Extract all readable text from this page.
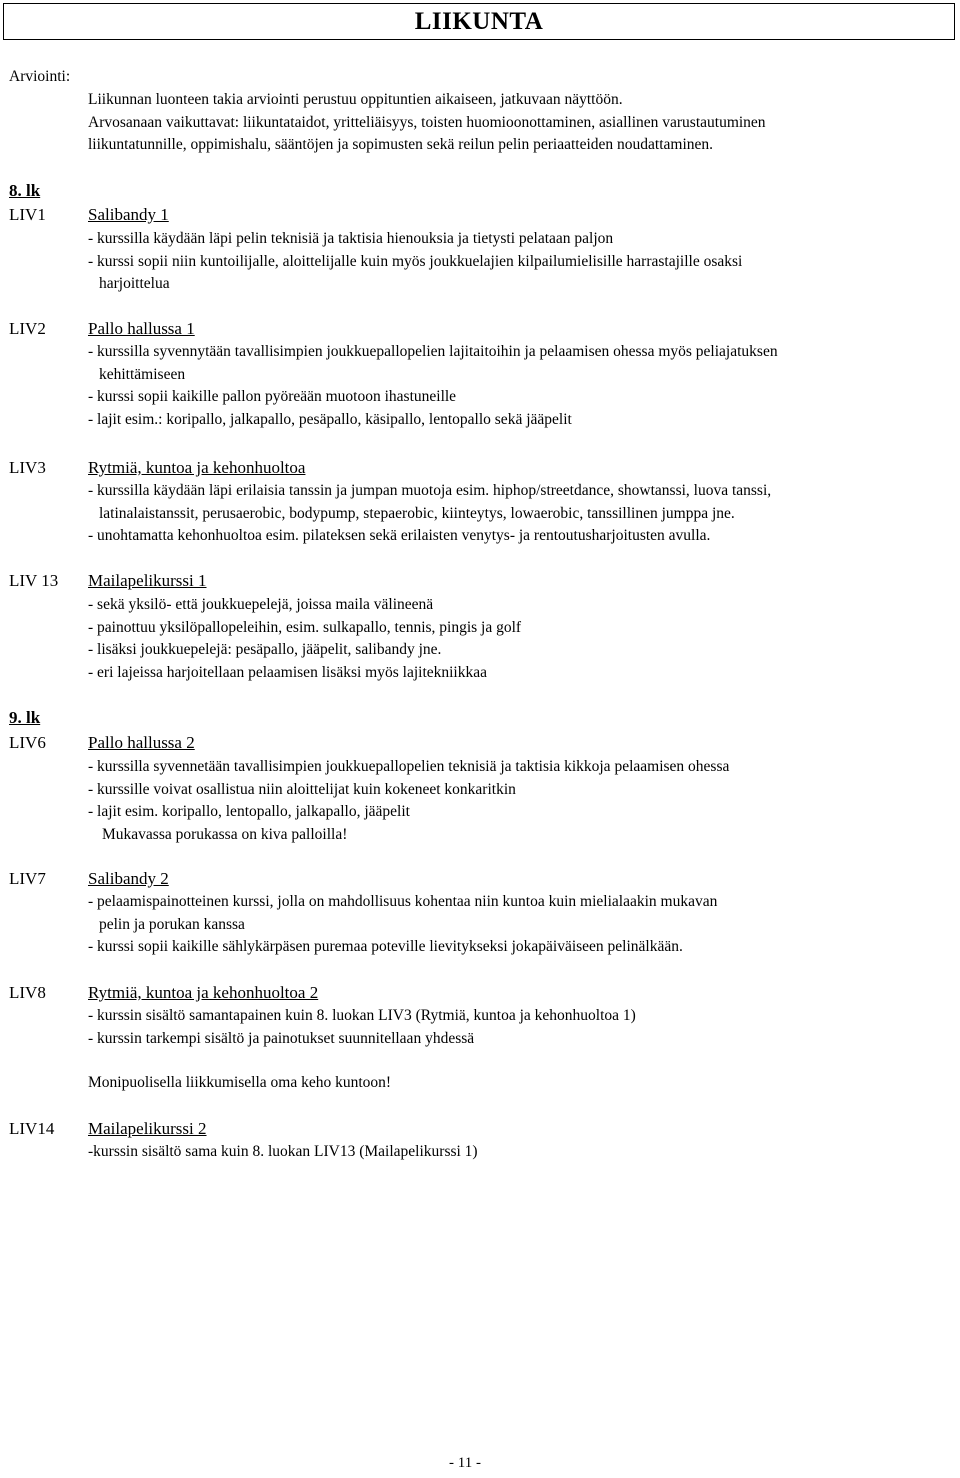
LIIKUNTA
Arviointi:
Liikunnan luonteen takia arviointi perustuu oppituntien aikaiseen, jatkuvaan näyttöön.
Arvosanaan vaikuttavat: liikuntataidot, yritteliäisyys, toisten huomioonottaminen, asiallinen varustautuminen
liikuntatunnille, oppimishalu, sääntöjen ja sopimusten sekä reilun pelin periaatteiden noudattaminen.
8. lk
LIV1 Salibandy 1
- kurssilla käydään läpi pelin teknisiä ja taktisia hienouksia ja tietysti pelataan paljon
- kurssi sopii niin kuntoilijalle, aloittelijalle kuin myös joukkuelajien kilpailumielisille harrastajille osaksi
harjoittelua
LIV2 Pallo hallussa 1
- kurssilla syvennytään tavallisimpien joukkuepallopelien lajitaitoihin ja pelaamisen ohessa myös peliajatuksen
kehittämiseen
- kurssi sopii kaikille pallon pyöreään muotoon ihastuneille
- lajit esim.: koripallo, jalkapallo, pesäpallo, käsipallo, lentopallo sekä jääpelit
LIV3 Rytmiä, kuntoa ja kehonhuoltoa
- kurssilla käydään läpi erilaisia tanssin ja jumpan muotoja esim. hiphop/streetdance, showtanssi, luova tanssi,
latinalaistanssit, perusaerobic, bodypump, stepaerobic, kiinteytys, lowaerobic, tanssillinen jumppa jne.
- unohtamatta kehonhuoltoa esim. pilateksen sekä erilaisten venytys- ja rentoutusharjoitusten avulla.
LIV 13 Mailapelikurssi 1
- sekä yksilö- että joukkuepelejä, joissa maila välineenä
- painottuu yksilöpallopeleihin, esim. sulkapallo, tennis, pingis ja golf
- lisäksi joukkuepelejä: pesäpallo, jääpelit, salibandy jne.
- eri lajeissa harjoitellaan pelaamisen lisäksi myös lajitekniikkaa
9. lk
LIV6 Pallo hallussa 2
- kurssilla syvennetään tavallisimpien joukkuepallopelien teknisiä ja taktisia kikkoja pelaamisen ohessa
- kurssille voivat osallistua niin aloittelijat kuin kokeneet konkaritkin
- lajit esim. koripallo, lentopallo, jalkapallo, jääpelit
Mukavassa porukassa on kiva palloilla!
LIV7 Salibandy 2
- pelaamispainotteinen kurssi, jolla on mahdollisuus kohentaa niin kuntoa kuin mielialaakin mukavan
pelin ja porukan kanssa
- kurssi sopii kaikille sählykärpäsen puremaa poteville lievitykseksi jokapäiväiseen pelinälkään.
LIV8 Rytmiä, kuntoa ja kehonhuoltoa 2
- kurssin sisältö samantapainen kuin 8. luokan LIV3 (Rytmiä, kuntoa ja kehonhuoltoa 1)
- kurssin tarkempi sisältö ja painotukset suunnitellaan yhdessä
Monipuolisella liikkumisella oma keho kuntoon!
LIV14 Mailapelikurssi 2
-kurssin sisältö sama kuin 8. luokan LIV13 (Mailapelikurssi 1)
- 11 -
